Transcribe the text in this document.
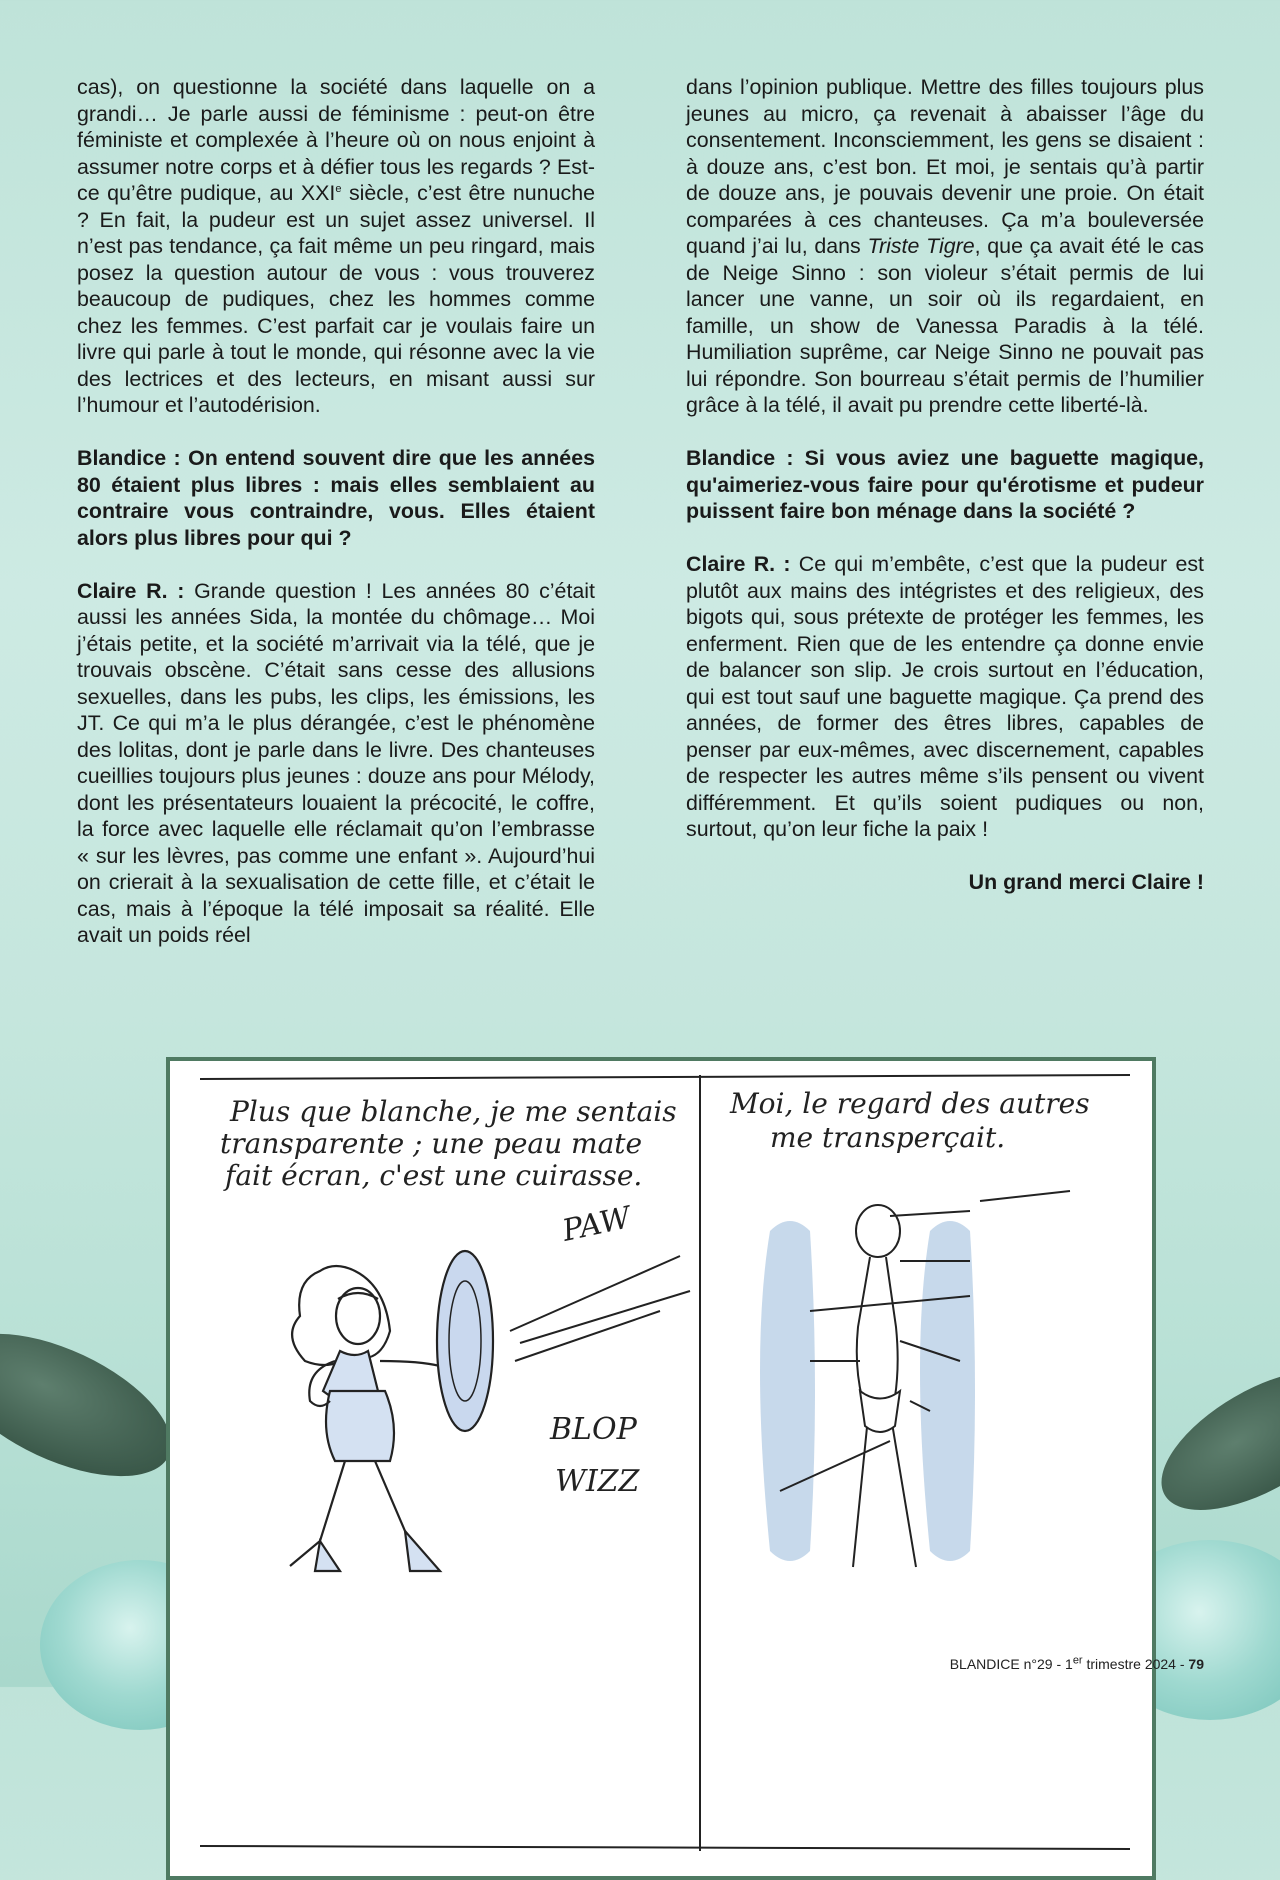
cas), on questionne la société dans laquelle on a grandi… Je parle aussi de féminisme : peut-on être féministe et complexée à l’heure où on nous enjoint à assumer notre corps et à défier tous les regards ? Est-ce qu’être pudique, au XXIe siècle, c’est être nunuche ? En fait, la pudeur est un sujet assez universel. Il n’est pas tendance, ça fait même un peu ringard, mais posez la question autour de vous : vous trouverez beaucoup de pudiques, chez les hommes comme chez les femmes. C’est parfait car je voulais faire un livre qui parle à tout le monde, qui résonne avec la vie des lectrices et des lecteurs, en misant aussi sur l’humour et l’autodérision.

Blandice : On entend souvent dire que les années 80 étaient plus libres : mais elles semblaient au contraire vous contraindre, vous. Elles étaient alors plus libres pour qui ?

Claire R. : Grande question ! Les années 80 c’était aussi les années Sida, la montée du chômage… Moi j’étais petite, et la société m’arrivait via la télé, que je trouvais obscène. C’était sans cesse des allusions sexuelles, dans les pubs, les clips, les émissions, les JT. Ce qui m’a le plus dérangée, c’est le phénomène des lolitas, dont je parle dans le livre. Des chanteuses cueillies toujours plus jeunes : douze ans pour Mélody, dont les présentateurs louaient la précocité, le coffre, la force avec laquelle elle réclamait qu’on l’embrasse « sur les lèvres, pas comme une enfant ». Aujourd’hui on crierait à la sexualisation de cette fille, et c’était le cas, mais à l’époque la télé imposait sa réalité. Elle avait un poids réel

dans l’opinion publique. Mettre des filles toujours plus jeunes au micro, ça revenait à abaisser l’âge du consentement. Inconsciemment, les gens se disaient : à douze ans, c’est bon. Et moi, je sentais qu’à partir de douze ans, je pouvais devenir une proie. On était comparées à ces chanteuses. Ça m’a bouleversée quand j’ai lu, dans Triste Tigre, que ça avait été le cas de Neige Sinno : son violeur s’était permis de lui lancer une vanne, un soir où ils regardaient, en famille, un show de Vanessa Paradis à la télé. Humiliation suprême, car Neige Sinno ne pouvait pas lui répondre. Son bourreau s’était permis de l’humilier grâce à la télé, il avait pu prendre cette liberté-là.

Blandice : Si vous aviez une baguette magique, qu'aimeriez-vous faire pour qu'érotisme et pudeur puissent faire bon ménage dans la société ?

Claire R. : Ce qui m’embête, c’est que la pudeur est plutôt aux mains des intégristes et des religieux, des bigots qui, sous prétexte de protéger les femmes, les enferment. Rien que de les entendre ça donne envie de balancer son slip. Je crois surtout en l’éducation, qui est tout sauf une baguette magique. Ça prend des années, de former des êtres libres, capables de penser par eux-mêmes, avec discernement, capables de respecter les autres même s’ils pensent ou vivent différemment. Et qu’ils soient pudiques ou non, surtout, qu’on leur fiche la paix !

Un grand merci Claire !

Plus que blanche, je me sentais
transparente ; une peau mate
fait écran, c'est une cuirasse.
PAW
BLOP
WIZZ
Moi, le regard des autres
me transperçait.
BLANDICE n°29 - 1er trimestre 2024 - 79
